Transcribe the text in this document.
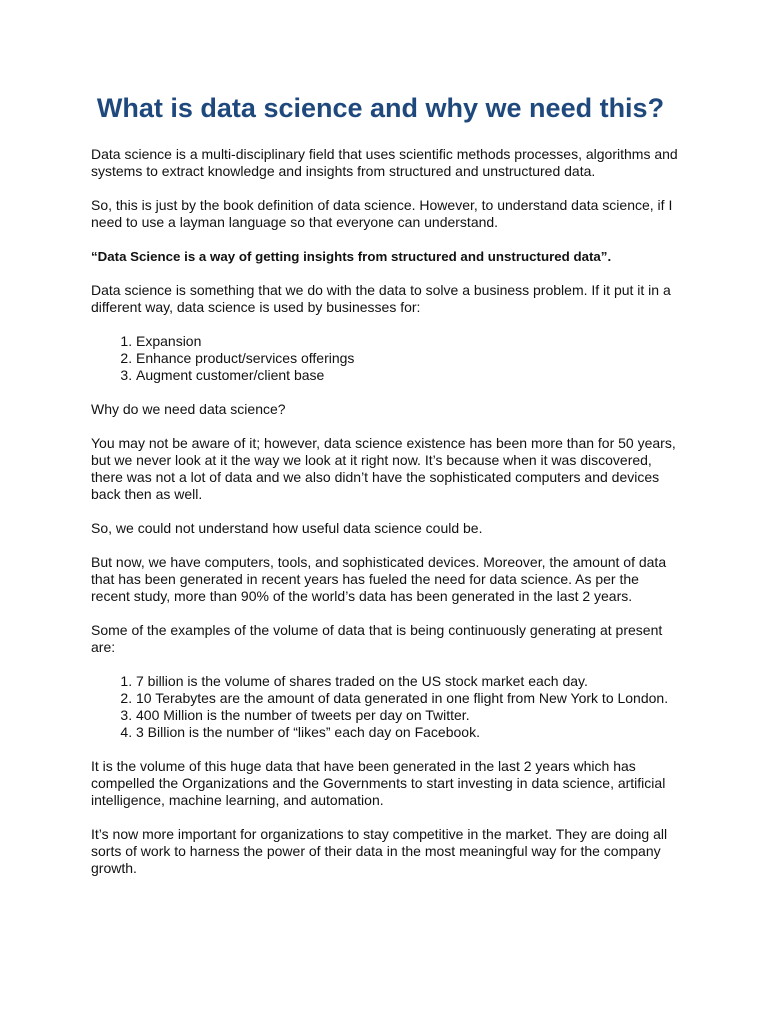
What is data science and why we need this?

Data science is a multi-disciplinary field that uses scientific methods processes, algorithms and systems to extract knowledge and insights from structured and unstructured data.

So, this is just by the book definition of data science. However, to understand data science, if I need to use a layman language so that everyone can understand.

“Data Science is a way of getting insights from structured and unstructured data”.

Data science is something that we do with the data to solve a business problem. If it put it in a different way, data science is used by businesses for:

1. Expansion
2. Enhance product/services offerings
3. Augment customer/client base

Why do we need data science?

You may not be aware of it; however, data science existence has been more than for 50 years, but we never look at it the way we look at it right now. It’s because when it was discovered, there was not a lot of data and we also didn’t have the sophisticated computers and devices back then as well.

So, we could not understand how useful data science could be.

But now, we have computers, tools, and sophisticated devices. Moreover, the amount of data that has been generated in recent years has fueled the need for data science. As per the recent study, more than 90% of the world’s data has been generated in the last 2 years.

Some of the examples of the volume of data that is being continuously generating at present are:

1. 7 billion is the volume of shares traded on the US stock market each day.
2. 10 Terabytes are the amount of data generated in one flight from New York to London.
3. 400 Million is the number of tweets per day on Twitter.
4. 3 Billion is the number of “likes” each day on Facebook.

It is the volume of this huge data that have been generated in the last 2 years which has compelled the Organizations and the Governments to start investing in data science, artificial intelligence, machine learning, and automation.

It’s now more important for organizations to stay competitive in the market. They are doing all sorts of work to harness the power of their data in the most meaningful way for the company growth.
